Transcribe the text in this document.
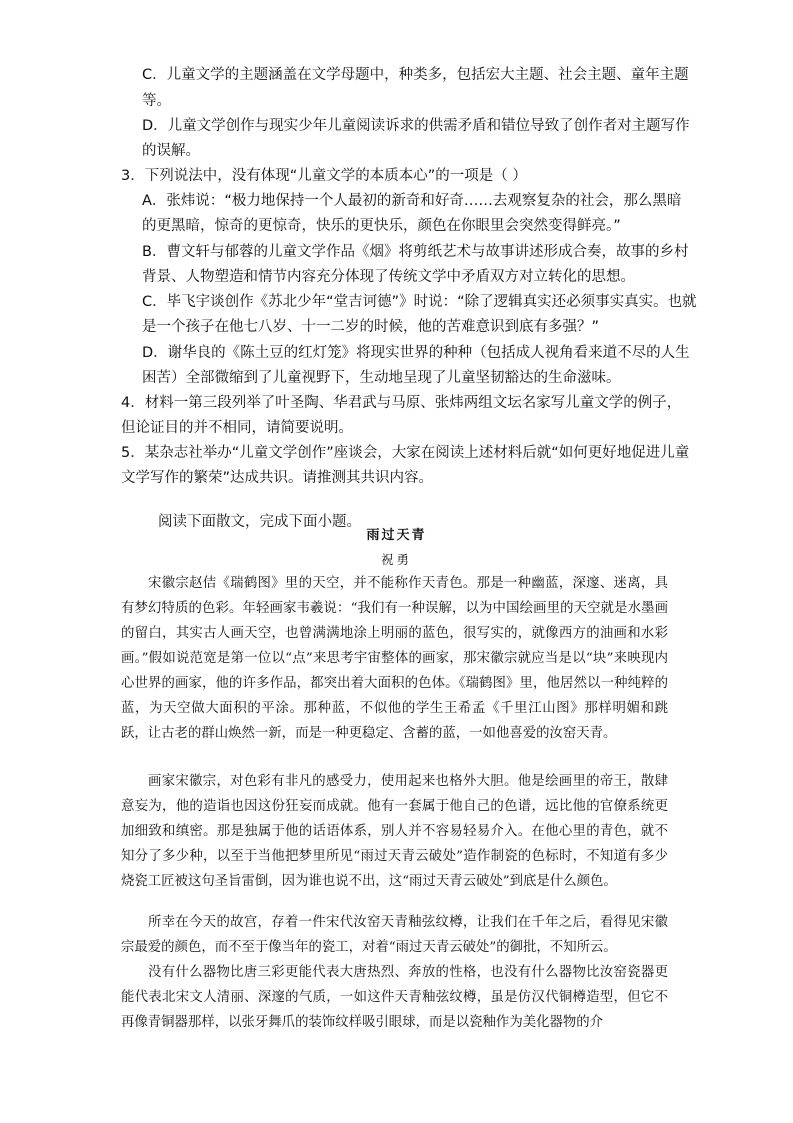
C．儿童文学的主题涵盖在文学母题中，种类多，包括宏大主题、社会主题、童年主题

等。

D．儿童文学创作与现实少年儿童阅读诉求的供需矛盾和错位导致了创作者对主题写作

的误解。

3．下列说法中，没有体现“儿童文学的本质本心”的一项是（ ）

A．张炜说：“极力地保持一个人最初的新奇和好奇……去观察复杂的社会，那么黑暗

的更黑暗，惊奇的更惊奇，快乐的更快乐，颜色在你眼里会突然变得鲜亮。”

B．曹文轩与郁蓉的儿童文学作品《烟》将剪纸艺术与故事讲述形成合奏，故事的乡村

背景、人物塑造和情节内容充分体现了传统文学中矛盾双方对立转化的思想。

C．毕飞宇谈创作《苏北少年“堂吉诃德”》时说：“除了逻辑真实还必须事实真实。也就

是一个孩子在他七八岁、十一二岁的时候，他的苦难意识到底有多强？”

D．谢华良的《陈土豆的红灯笼》将现实世界的种种（包括成人视角看来道不尽的人生

困苦）全部微缩到了儿童视野下，生动地呈现了儿童坚韧豁达的生命滋味。

4．材料一第三段列举了叶圣陶、华君武与马原、张炜两组文坛名家写儿童文学的例子，

但论证目的并不相同，请简要说明。

5．某杂志社举办“儿童文学创作”座谈会，大家在阅读上述材料后就“如何更好地促进儿童

文学写作的繁荣”达成共识。请推测其共识内容。

阅读下面散文，完成下面小题。

雨过天青

祝勇

宋徽宗赵佶《瑞鹤图》里的天空，并不能称作天青色。那是一种幽蓝，深邃、迷离，具有梦幻特质的色彩。年轻画家韦羲说：“我们有一种误解，以为中国绘画里的天空就是水墨画的留白，其实古人画天空，也曾满满地涂上明丽的蓝色，很写实的，就像西方的油画和水彩画。”假如说范宽是第一位以“点”来思考宇宙整体的画家，那宋徽宗就应当是以“块”来映现内心世界的画家，他的许多作品，都突出着大面积的色体。《瑞鹤图》里，他居然以一种纯粹的蓝，为天空做大面积的平涂。那种蓝，不似他的学生王希孟《千里江山图》那样明媚和跳跃，让古老的群山焕然一新，而是一种更稳定、含蓄的蓝，一如他喜爱的汝窑天青。

画家宋徽宗，对色彩有非凡的感受力，使用起来也格外大胆。他是绘画里的帝王，散肆意妄为，他的造诣也因这份狂妄而成就。他有一套属于他自己的色谱，远比他的官僚系统更加细致和缜密。那是独属于他的话语体系，别人并不容易轻易介入。在他心里的青色，就不知分了多少种，以至于当他把梦里所见“雨过天青云破处”造作制瓷的色标时，不知道有多少烧瓷工匠被这句圣旨雷倒，因为谁也说不出，这“雨过天青云破处”到底是什么颜色。

所幸在今天的故宫，存着一件宋代汝窑天青釉弦纹樽，让我们在千年之后，看得见宋徽宗最爱的颜色，而不至于像当年的瓷工，对着“雨过天青云破处”的御批，不知所云。

没有什么器物比唐三彩更能代表大唐热烈、奔放的性格，也没有什么器物比汝窑瓷器更能代表北宋文人清丽、深邃的气质，一如这件天青釉弦纹樽，虽是仿汉代铜樽造型，但它不再像青铜器那样，以张牙舞爪的装饰纹样吸引眼球，而是以瓷釉作为美化器物的介
